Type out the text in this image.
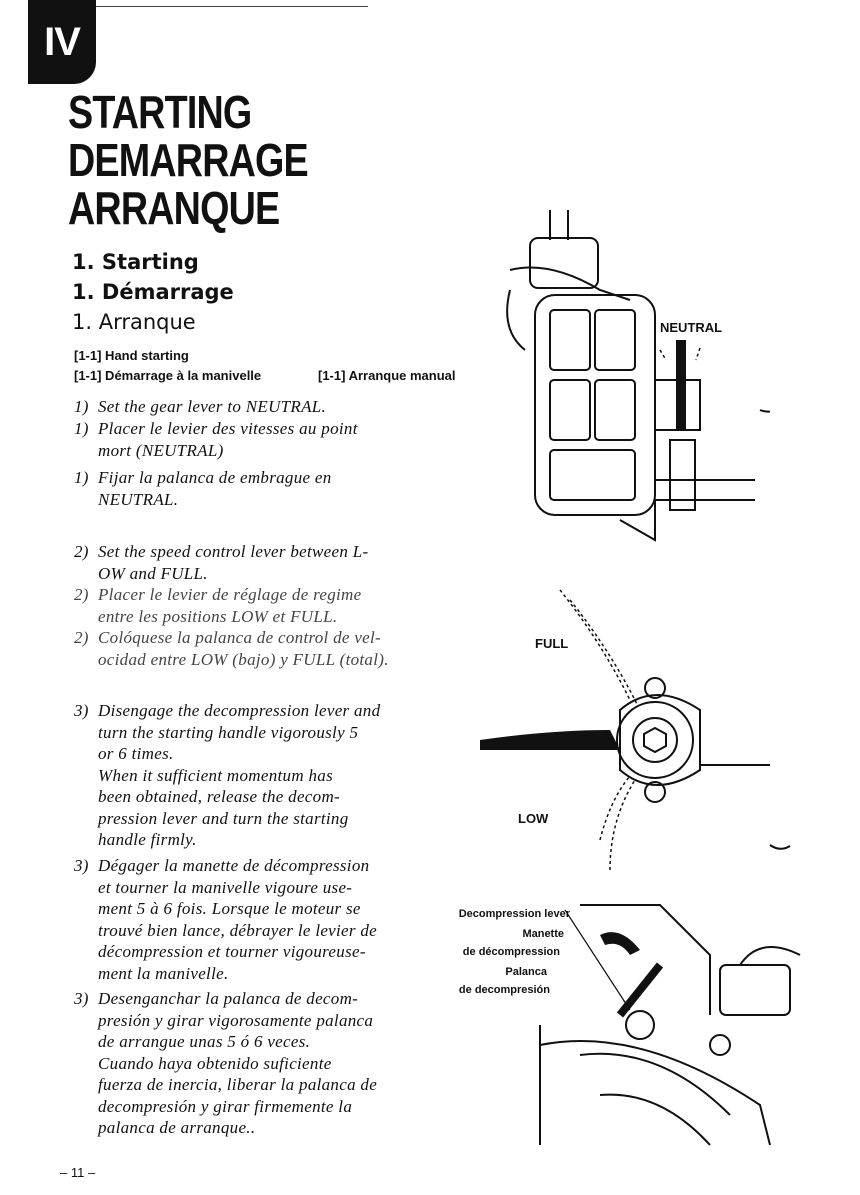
IV
STARTING
DEMARRAGE
ARRANQUE
1. Starting
1. Démarrage
1. Arranque
[1-1] Hand starting
[1-1] Démarrage à la manivelle	[1-1] Arranque manual
1) Set the gear lever to NEUTRAL.
1) Placer le levier des vitesses au point
mort (NEUTRAL)
1) Fijar la palanca de embrague en
NEUTRAL.
2) Set the speed control lever between L-
OW and FULL.
2) Placer le levier de réglage de regime
entre les positions LOW et FULL.
2) Colóquese la palanca de control de vel-
ocidad entre LOW (bajo) y FULL (total).
3) Disengage the decompression lever and
turn the starting handle vigorously 5
or 6 times.
When it sufficient momentum has
been obtained, release the decom-
pression lever and turn the starting
handle firmly.
3) Dégager la manette de décompression
et tourner la manivelle vigoure use-
ment 5 à 6 fois. Lorsque le moteur se
trouvé bien lance, débrayer le levier de
décompression et tourner vigoureuse-
ment la manivelle.
3) Desenganchar la palanca de decom-
presión y girar vigorosamente palanca
de arrangue unas 5 ó 6 veces.
Cuando haya obtenido suficiente
fuerza de inercia, liberar la palanca de
decompresión y girar firmemente la
palanca de arranque..
NEUTRAL
FULL
LOW
Decompression lever
Manette
de décompression
Palanca
de decompresión
– 11 –
